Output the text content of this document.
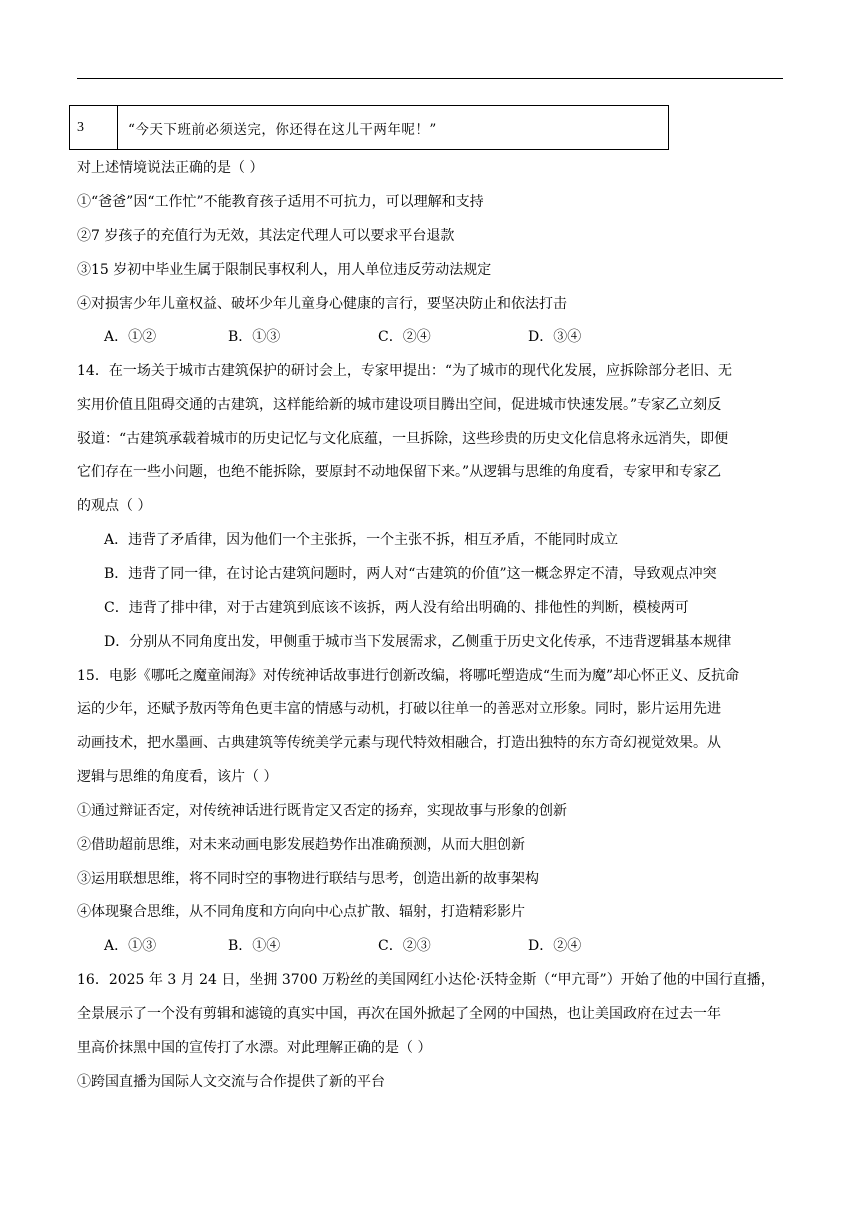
3	“今天下班前必须送完，你还得在这儿干两年呢！”
对上述情境说法正确的是（ ）
①“爸爸”因“工作忙”不能教育孩子适用不可抗力，可以理解和支持
②7 岁孩子的充值行为无效，其法定代理人可以要求平台退款
③15 岁初中毕业生属于限制民事权利人，用人单位违反劳动法规定
④对损害少年儿童权益、破坏少年儿童身心健康的言行，要坚决防止和依法打击
A．①②	B．①③	C．②④	D．③④
14．在一场关于城市古建筑保护的研讨会上，专家甲提出：“为了城市的现代化发展，应拆除部分老旧、无
实用价值且阻碍交通的古建筑，这样能给新的城市建设项目腾出空间，促进城市快速发展。”专家乙立刻反
驳道：“古建筑承载着城市的历史记忆与文化底蕴，一旦拆除，这些珍贵的历史文化信息将永远消失，即便
它们存在一些小问题，也绝不能拆除，要原封不动地保留下来。”从逻辑与思维的角度看，专家甲和专家乙
的观点（ ）
A．违背了矛盾律，因为他们一个主张拆，一个主张不拆，相互矛盾，不能同时成立
B．违背了同一律，在讨论古建筑问题时，两人对“古建筑的价值”这一概念界定不清，导致观点冲突
C．违背了排中律，对于古建筑到底该不该拆，两人没有给出明确的、排他性的判断，模棱两可
D．分别从不同角度出发，甲侧重于城市当下发展需求，乙侧重于历史文化传承，不违背逻辑基本规律
15．电影《哪吒之魔童闹海》对传统神话故事进行创新改编，将哪吒塑造成“生而为魔”却心怀正义、反抗命
运的少年，还赋予敖丙等角色更丰富的情感与动机，打破以往单一的善恶对立形象。同时，影片运用先进
动画技术，把水墨画、古典建筑等传统美学元素与现代特效相融合，打造出独特的东方奇幻视觉效果。从
逻辑与思维的角度看，该片（ ）
①通过辩证否定，对传统神话进行既肯定又否定的扬弃，实现故事与形象的创新
②借助超前思维，对未来动画电影发展趋势作出准确预测，从而大胆创新
③运用联想思维，将不同时空的事物进行联结与思考，创造出新的故事架构
④体现聚合思维，从不同角度和方向向中心点扩散、辐射，打造精彩影片
A．①③	B．①④	C．②③	D．②④
16．2025 年 3 月 24 日，坐拥 3700 万粉丝的美国网红小达伦·沃特金斯（“甲亢哥”）开始了他的中国行直播，
全景展示了一个没有剪辑和滤镜的真实中国，再次在国外掀起了全网的中国热，也让美国政府在过去一年
里高价抹黑中国的宣传打了水漂。对此理解正确的是（ ）
①跨国直播为国际人文交流与合作提供了新的平台
